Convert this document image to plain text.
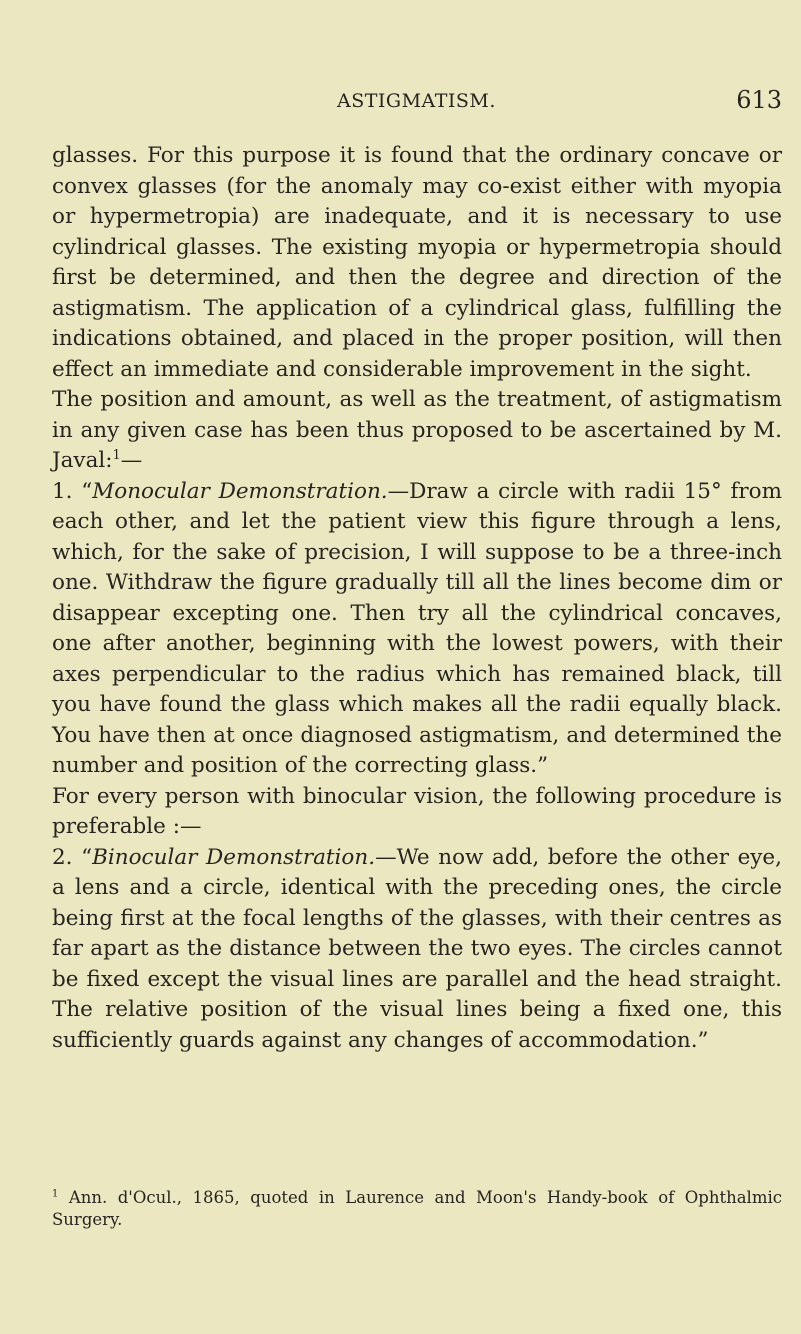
ASTIGMATISM.	613

glasses. For this purpose it is found that the ordinary concave or convex glasses (for the anomaly may co-exist either with myopia or hypermetropia) are inadequate, and it is necessary to use cylindrical glasses. The existing myopia or hypermetropia should first be determined, and then the degree and direction of the astigmatism. The application of a cylindrical glass, fulfilling the indications obtained, and placed in the proper position, will then effect an immediate and considerable improvement in the sight.

The position and amount, as well as the treatment, of astigmatism in any given case has been thus proposed to be ascertained by M. Javal:$^1$—

1. “Monocular Demonstration.—Draw a circle with radii 15° from each other, and let the patient view this figure through a lens, which, for the sake of precision, I will suppose to be a three-inch one. Withdraw the figure gradually till all the lines become dim or disappear excepting one. Then try all the cylindrical concaves, one after another, beginning with the lowest powers, with their axes perpendicular to the radius which has remained black, till you have found the glass which makes all the radii equally black. You have then at once diagnosed astigmatism, and determined the number and position of the correcting glass.”

For every person with binocular vision, the following procedure is preferable :—

2. “Binocular Demonstration.—We now add, before the other eye, a lens and a circle, identical with the preceding ones, the circle being first at the focal lengths of the glasses, with their centres as far apart as the distance between the two eyes. The circles cannot be fixed except the visual lines are parallel and the head straight. The relative position of the visual lines being a fixed one, this sufficiently guards against any changes of accommodation.”

$^1$ Ann. d'Ocul., 1865, quoted in Laurence and Moon's Handy-book of Ophthalmic Surgery.
